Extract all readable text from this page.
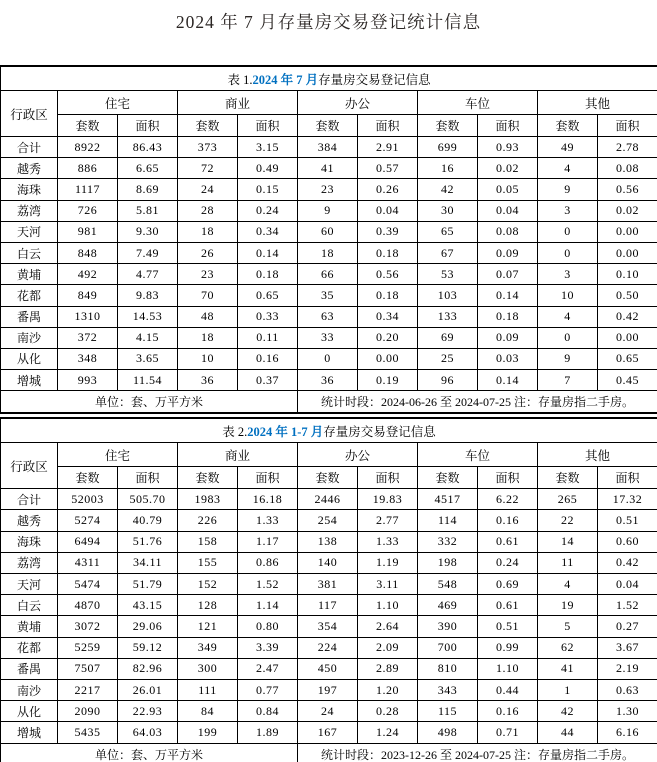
2024 年 7 月存量房交易登记统计信息
表 1.2024 年 7 月存量房交易登记信息										
行政区	住宅		商业		办公		车位		其他	
	套数	面积	套数	面积	套数	面积	套数	面积	套数	面积
合计	8922	86.43	373	3.15	384	2.91	699	0.93	49	2.78
越秀	886	6.65	72	0.49	41	0.57	16	0.02	4	0.08
海珠	1117	8.69	24	0.15	23	0.26	42	0.05	9	0.56
荔湾	726	5.81	28	0.24	9	0.04	30	0.04	3	0.02
天河	981	9.30	18	0.34	60	0.39	65	0.08	0	0.00
白云	848	7.49	26	0.14	18	0.18	67	0.09	0	0.00
黄埔	492	4.77	23	0.18	66	0.56	53	0.07	3	0.10
花都	849	9.83	70	0.65	35	0.18	103	0.14	10	0.50
番禺	1310	14.53	48	0.33	63	0.34	133	0.18	4	0.42
南沙	372	4.15	18	0.11	33	0.20	69	0.09	0	0.00
从化	348	3.65	10	0.16	0	0.00	25	0.03	9	0.65
增城	993	11.54	36	0.37	36	0.19	96	0.14	7	0.45
单位：套、万平方米					统计时段：2024-06-26 至 2024-07-25 注：存量房指二手房。					
表 2.2024 年 1-7 月存量房交易登记信息										
行政区	住宅		商业		办公		车位		其他	
	套数	面积	套数	面积	套数	面积	套数	面积	套数	面积
合计	52003	505.70	1983	16.18	2446	19.83	4517	6.22	265	17.32
越秀	5274	40.79	226	1.33	254	2.77	114	0.16	22	0.51
海珠	6494	51.76	158	1.17	138	1.33	332	0.61	14	0.60
荔湾	4311	34.11	155	0.86	140	1.19	198	0.24	11	0.42
天河	5474	51.79	152	1.52	381	3.11	548	0.69	4	0.04
白云	4870	43.15	128	1.14	117	1.10	469	0.61	19	1.52
黄埔	3072	29.06	121	0.80	354	2.64	390	0.51	5	0.27
花都	5259	59.12	349	3.39	224	2.09	700	0.99	62	3.67
番禺	7507	82.96	300	2.47	450	2.89	810	1.10	41	2.19
南沙	2217	26.01	111	0.77	197	1.20	343	0.44	1	0.63
从化	2090	22.93	84	0.84	24	0.28	115	0.16	42	1.30
增城	5435	64.03	199	1.89	167	1.24	498	0.71	44	6.16
单位：套、万平方米					统计时段：2023-12-26 至 2024-07-25 注：存量房指二手房。					
